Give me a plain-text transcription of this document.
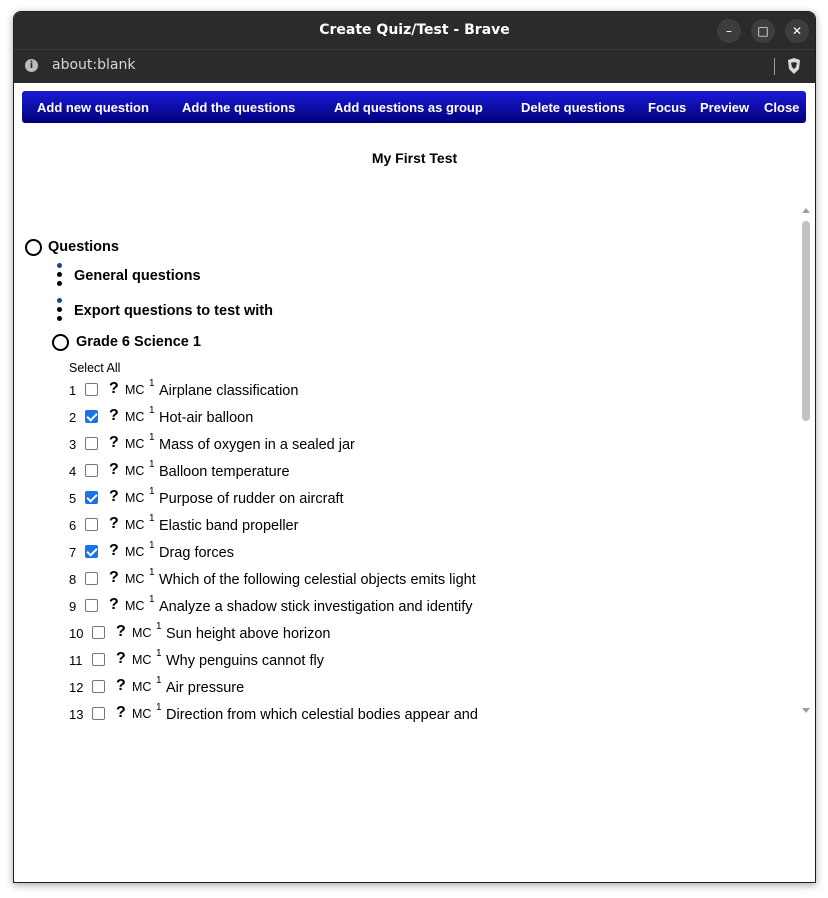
Create Quiz/Test - Brave	–	□	✕
i	about:blank
Add new question	Add the questions	Add questions as group	Delete questions Focus Preview Close
My First Test
Questions
General questions
Export questions to test with
Grade 6 Science 1
Select All
1 ? MC 1 Airplane classification
2 ? MC 1 Hot-air balloon
3 ? MC 1 Mass of oxygen in a sealed jar
4 ? MC 1 Balloon temperature
5 ? MC 1 Purpose of rudder on aircraft
6 ? MC 1 Elastic band propeller
7 ? MC 1 Drag forces
8 ? MC 1 Which of the following celestial objects emits light
9 ? MC 1 Analyze a shadow stick investigation and identify
10 ? MC 1 Sun height above horizon
11 ? MC 1 Why penguins cannot fly
12 ? MC 1 Air pressure
13 ? MC 1 Direction from which celestial bodies appear and
